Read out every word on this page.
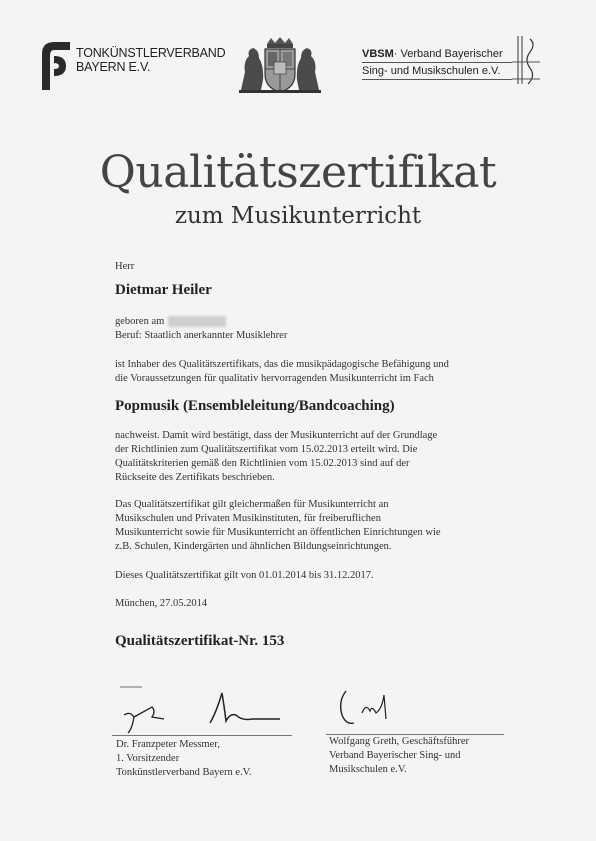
TONKÜNSTLERVERBAND
BAYERN E.V.
VBSM· Verband Bayerischer
Sing- und Musikschulen e.V.
Qualitätszertifikat
zum Musikunterricht
Herr
Dietmar Heiler
geboren am
Beruf: Staatlich anerkannter Musiklehrer
ist Inhaber des Qualitätszertifikats, das die musikpädagogische Befähigung und
die Voraussetzungen für qualitativ hervorragenden Musikunterricht im Fach
Popmusik (Ensembleleitung/Bandcoaching)
nachweist. Damit wird bestätigt, dass der Musikunterricht auf der Grundlage
der Richtlinien zum Qualitätszertifikat vom 15.02.2013 erteilt wird. Die
Qualitätskriterien gemäß den Richtlinien vom 15.02.2013 sind auf der
Rückseite des Zertifikats beschrieben.
Das Qualitätszertifikat gilt gleichermaßen für Musikunterricht an
Musikschulen und Privaten Musikinstituten, für freiberuflichen
Musikunterricht sowie für Musikunterricht an öffentlichen Einrichtungen wie
z.B. Schulen, Kindergärten und ähnlichen Bildungseinrichtungen.
Dieses Qualitätszertifikat gilt von 01.01.2014 bis 31.12.2017.
München, 27.05.2014
Qualitätszertifikat-Nr. 153
Dr. Franzpeter Messmer,
1. Vorsitzender
Tonkünstlerverband Bayern e.V.
Wolfgang Greth, Geschäftsführer
Verband Bayerischer Sing- und
Musikschulen e.V.
